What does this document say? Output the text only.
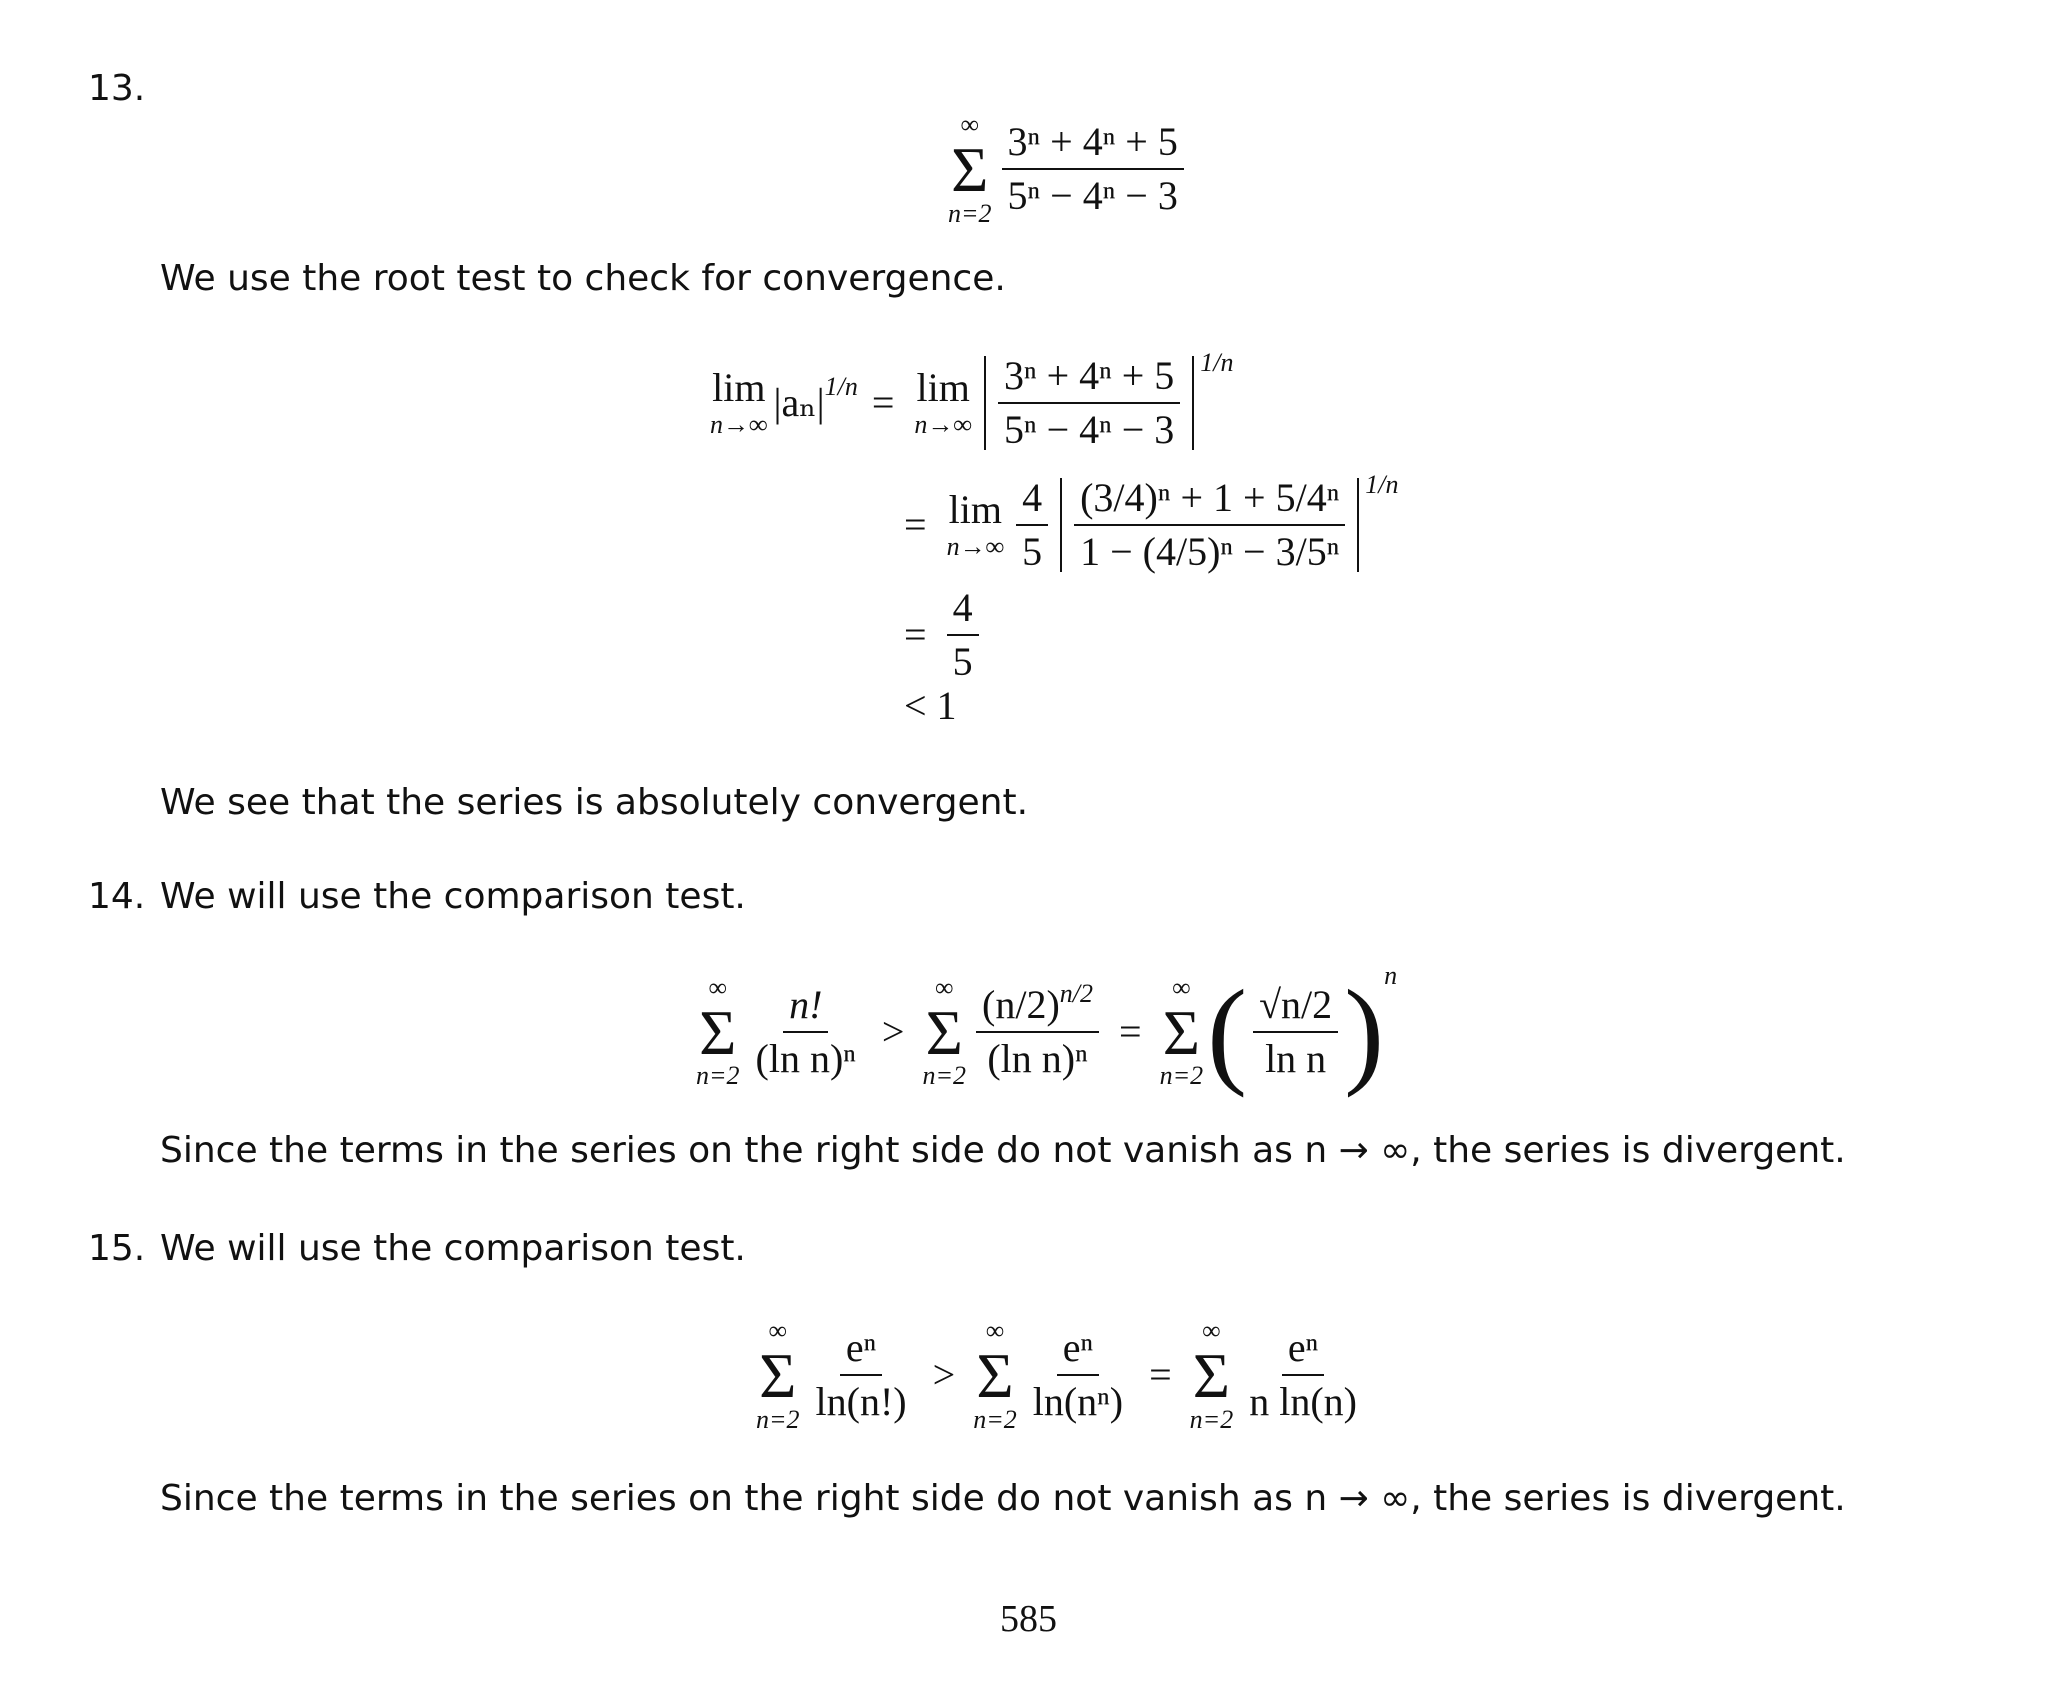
13.
∞
Σ
$n=2 \frac{\text{3ⁿ + 4ⁿ + 5}}{\text{5ⁿ − 4ⁿ − 3}}$
We use the root test to check for convergence.
lim
n→∞ |aₙ| 1/n = lim
$n\to\infty \frac{\text{3ⁿ + 4ⁿ + 5}}{\text{5ⁿ − 4ⁿ − 3}} 1/n$
= lim
$n\to\infty \frac{4}{5} \frac{\text{(3/4)ⁿ + 1 + 5/4ⁿ}}{\text{1 − (4/5)ⁿ − 3/5ⁿ}} 1/n$
= $\frac{4}{5}$
< 1
We see that the series is absolutely convergent.
14. We will use the comparison test.
∞
Σ
$n=2 \frac{n!}{\text{(ln n)ⁿ}}$ >
∞
Σ
$n=2 \frac{(n/2)^{n/2}}{\text{(ln n)ⁿ}}$ =
∞
Σ
n=2 ( $\frac{√n/2}{\text{ln n}}$ ) n
Since the terms in the series on the right side do not vanish as n → ∞, the series is divergent.
15. We will use the comparison test.
∞
Σ
$n=2 \frac{\text{eⁿ}}{\ln(n!)}$ >
∞
Σ
$n=2 \frac{\text{eⁿ}}{\text{ln(nⁿ)}}$ =
∞
Σ
$n=2 \frac{\text{eⁿ}}{\text{n ln(n)}}$
Since the terms in the series on the right side do not vanish as n → ∞, the series is divergent.
585
